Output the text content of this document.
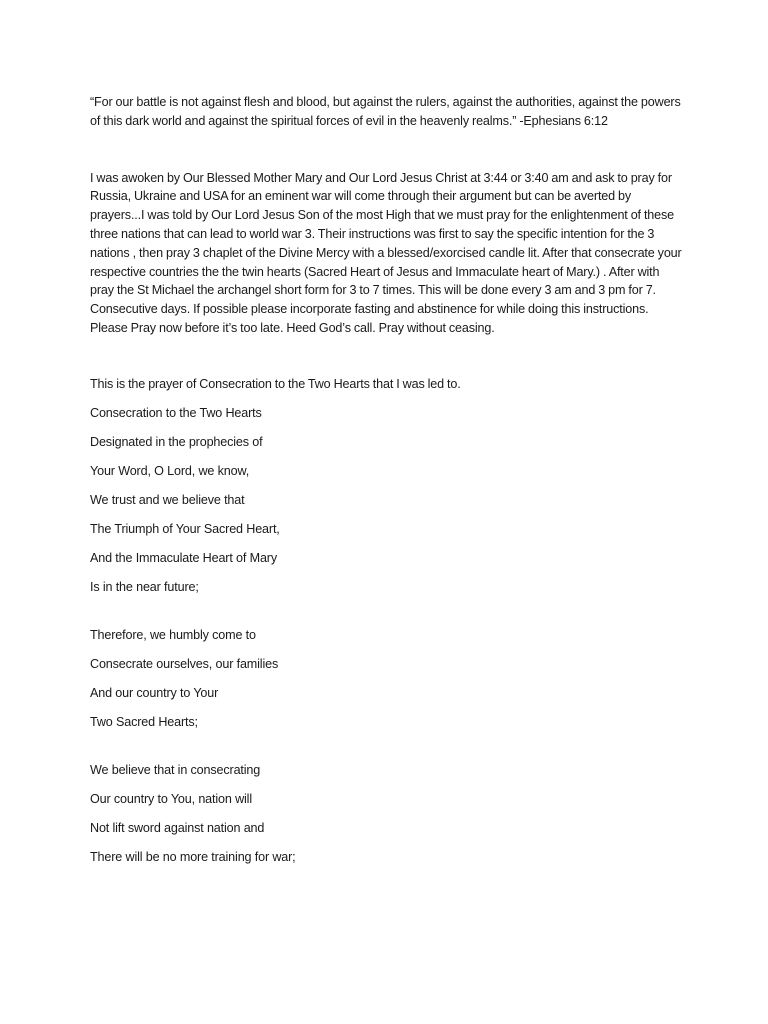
“For our battle is not against flesh and blood, but against the rulers, against the authorities, against the powers of this dark world and against the spiritual forces of evil in the heavenly realms.” -Ephesians 6:12

I was awoken by Our Blessed Mother Mary and Our Lord Jesus Christ at 3:44 or 3:40 am and ask to pray for Russia, Ukraine and USA for an eminent war will come through their argument but can be averted by prayers...I was told by Our Lord Jesus Son of the most High that we must pray for the enlightenment of these three nations that can lead to world war 3. Their instructions was first to say the specific intention for the 3 nations , then pray 3 chaplet of the Divine Mercy with a blessed/exorcised candle lit. After that consecrate your respective countries the the twin hearts (Sacred Heart of Jesus and Immaculate heart of Mary.) . After with pray the St Michael the archangel short form for 3 to 7 times. This will be done every 3 am and 3 pm for 7. Consecutive days. If possible please incorporate fasting and abstinence for while doing this instructions. Please Pray now before it’s too late. Heed God’s call. Pray without ceasing.

This is the prayer of Consecration to the Two Hearts that I was led to.

Consecration to the Two Hearts
Designated in the prophecies of
Your Word, O Lord, we know,
We trust and we believe that
The Triumph of Your Sacred Heart,
And the Immaculate Heart of Mary
Is in the near future;
Therefore, we humbly come to
Consecrate ourselves, our families
And our country to Your
Two Sacred Hearts;
We believe that in consecrating
Our country to You, nation will
Not lift sword against nation and
There will be no more training for war;
